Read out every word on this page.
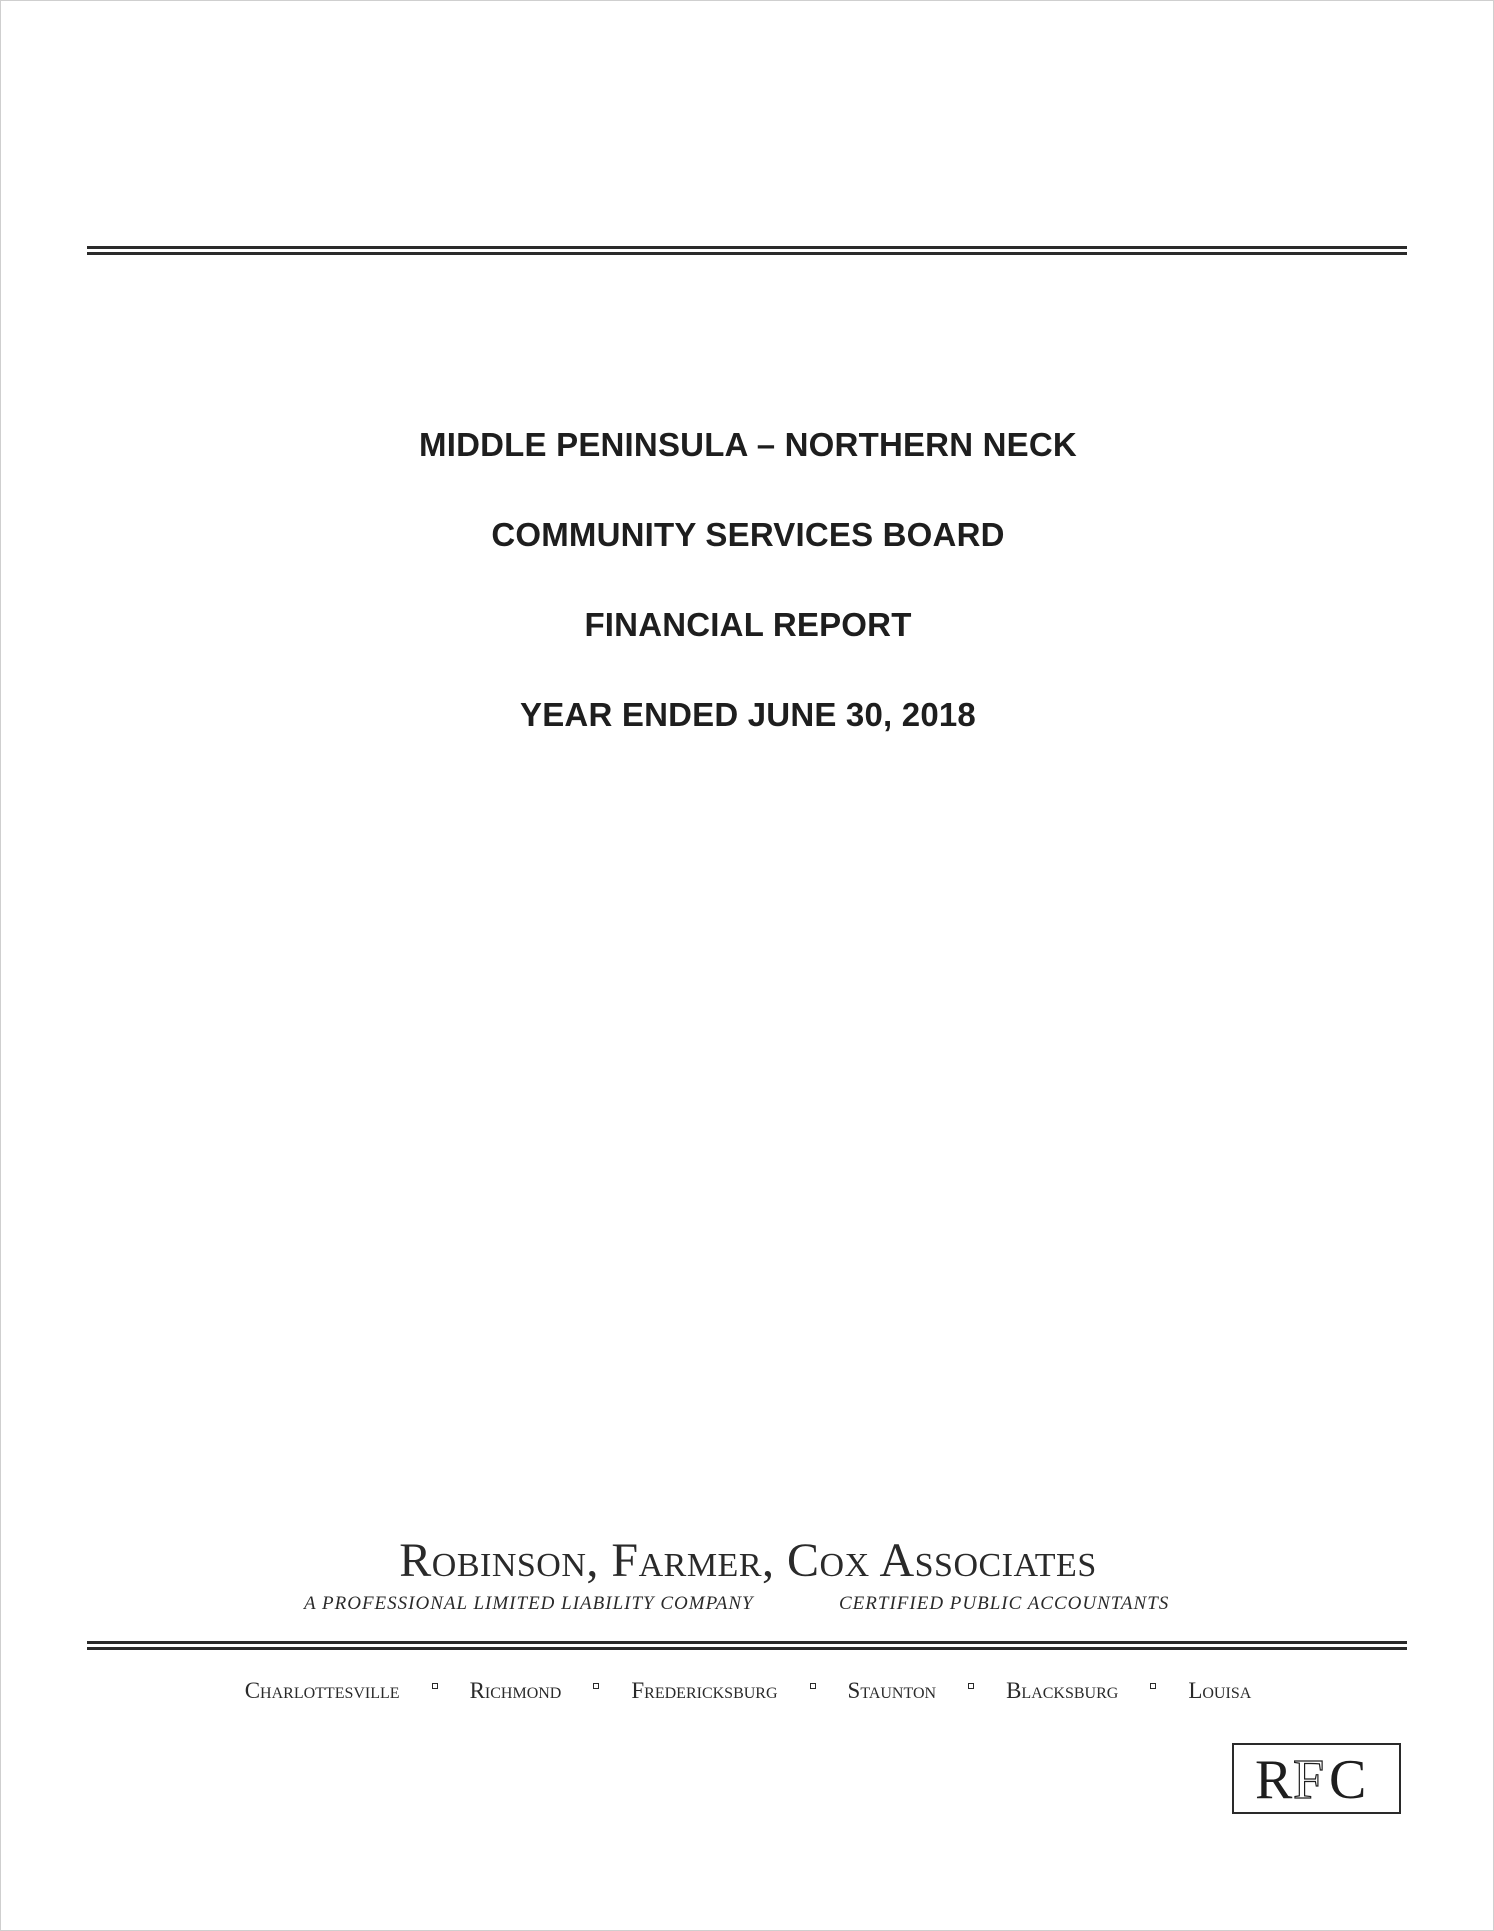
MIDDLE PENINSULA – NORTHERN NECK
COMMUNITY SERVICES BOARD
FINANCIAL REPORT
YEAR ENDED JUNE 30, 2018
Robinson, Farmer, Cox Associates
A PROFESSIONAL LIMITED LIABILITY COMPANY	CERTIFIED PUBLIC ACCOUNTANTS
Charlottesville	Richmond	Fredericksburg	Staunton	Blacksburg	Louisa
R F C
